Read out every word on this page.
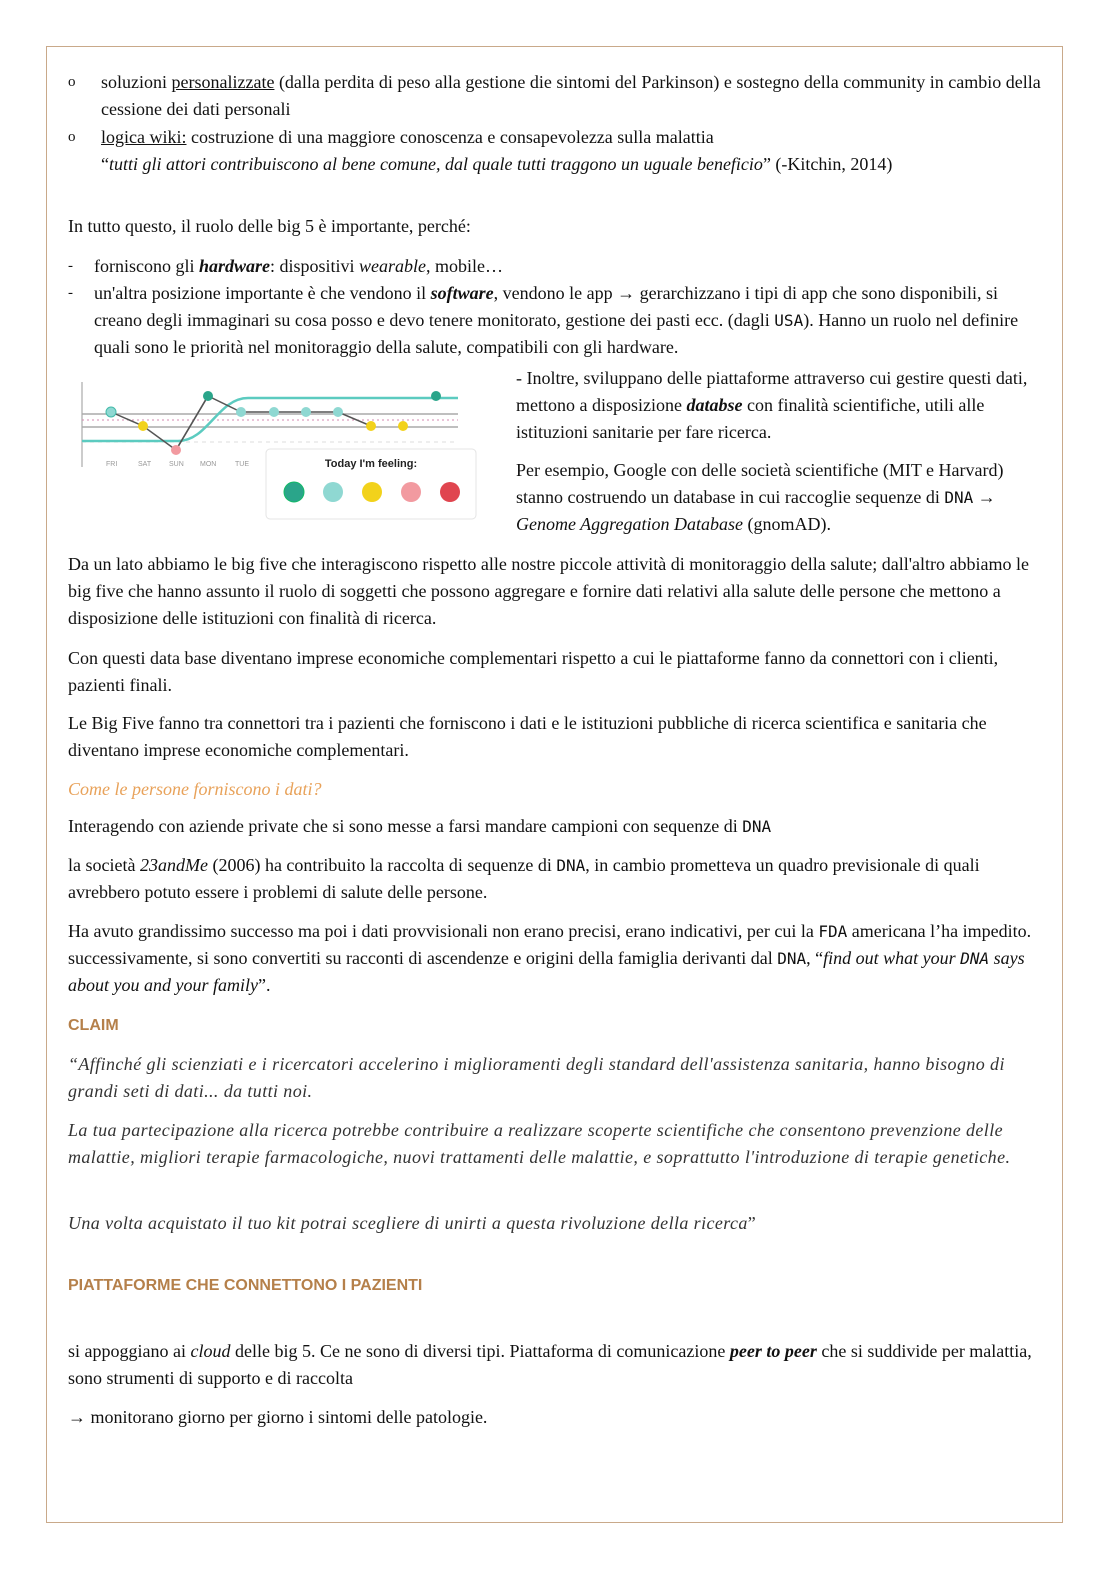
o soluzioni personalizzate (dalla perdita di peso alla gestione die sintomi del Parkinson) e sostegno della community in cambio della cessione dei dati personali
o logica wiki: costruzione di una maggiore conoscenza e consapevolezza sulla malattia
“tutti gli attori contribuiscono al bene comune, dal quale tutti traggono un uguale beneficio” (-Kitchin, 2014)
In tutto questo, il ruolo delle big 5 è importante, perché:
- forniscono gli hardware: dispositivi wearable, mobile…
- un'altra posizione importante è che vendono il software, vendono le app → gerarchizzano i tipi di app che sono disponibili, si creano degli immaginari su cosa posso e devo tenere monitorato, gestione dei pasti ecc. (dagli USA). Hanno un ruolo nel definire quali sono le priorità nel monitoraggio della salute, compatibili con gli hardware.
FRI	SAT	SUN MON	TUE	Today I'm feeling:
- Inoltre, sviluppano delle piattaforme attraverso cui gestire questi dati, mettono a disposizione databse con finalità scientifiche, utili alle istituzioni sanitarie per fare ricerca.
Per esempio, Google con delle società scientifiche (MIT e Harvard) stanno costruendo un database in cui raccoglie sequenze di DNA → Genome Aggregation Database (gnomAD).
Da un lato abbiamo le big five che interagiscono rispetto alle nostre piccole attività di monitoraggio della salute; dall'altro abbiamo le big five che hanno assunto il ruolo di soggetti che possono aggregare e fornire dati relativi alla salute delle persone che mettono a disposizione delle istituzioni con finalità di ricerca.
Con questi data base diventano imprese economiche complementari rispetto a cui le piattaforme fanno da connettori con i clienti, pazienti finali.
Le Big Five fanno tra connettori tra i pazienti che forniscono i dati e le istituzioni pubbliche di ricerca scientifica e sanitaria che diventano imprese economiche complementari.
Come le persone forniscono i dati?
Interagendo con aziende private che si sono messe a farsi mandare campioni con sequenze di DNA
la società 23andMe (2006) ha contribuito la raccolta di sequenze di DNA, in cambio prometteva un quadro previsionale di quali avrebbero potuto essere i problemi di salute delle persone.
Ha avuto grandissimo successo ma poi i dati provvisionali non erano precisi, erano indicativi, per cui la FDA americana l’ha impedito. successivamente, si sono convertiti su racconti di ascendenze e origini della famiglia derivanti dal DNA, “find out what your DNA says about you and your family”.
CLAIM
“Affinché gli scienziati e i ricercatori accelerino i miglioramenti degli standard dell'assistenza sanitaria, hanno bisogno di grandi seti di dati... da tutti noi.
La tua partecipazione alla ricerca potrebbe contribuire a realizzare scoperte scientifiche che consentono prevenzione delle malattie, migliori terapie farmacologiche, nuovi trattamenti delle malattie, e soprattutto l'introduzione di terapie genetiche.
Una volta acquistato il tuo kit potrai scegliere di unirti a questa rivoluzione della ricerca”
PIATTAFORME CHE CONNETTONO I PAZIENTI
si appoggiano ai cloud delle big 5. Ce ne sono di diversi tipi. Piattaforma di comunicazione peer to peer che si suddivide per malattia, sono strumenti di supporto e di raccolta
→ monitorano giorno per giorno i sintomi delle patologie.
